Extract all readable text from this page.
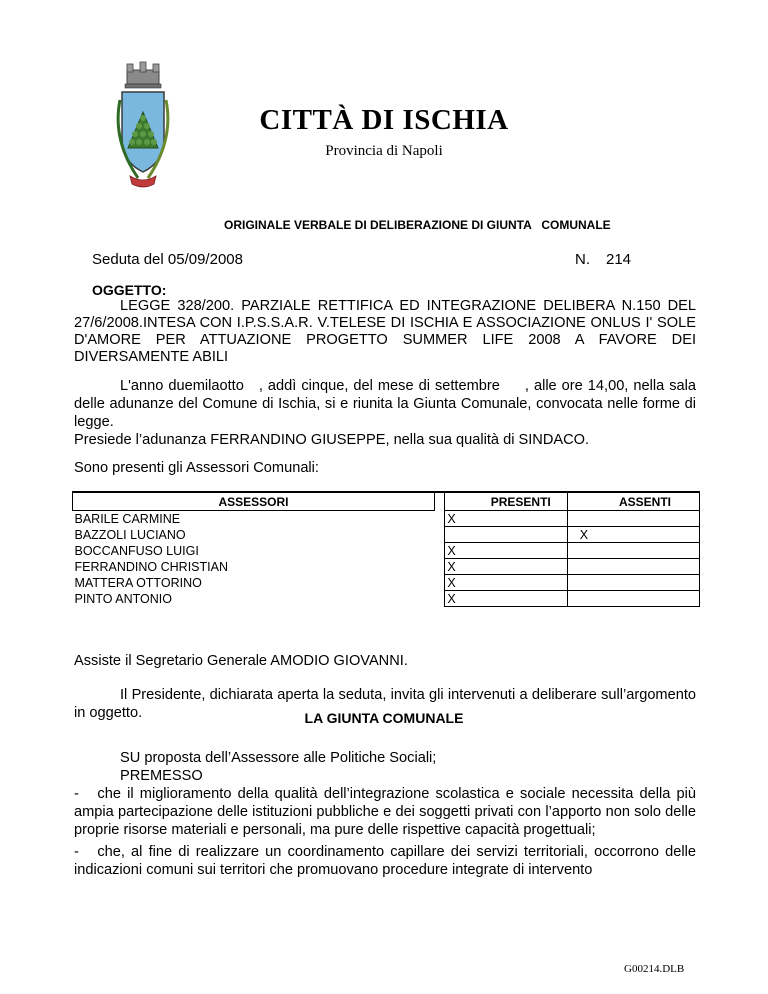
CITTÀ DI ISCHIA
Provincia di Napoli
ORIGINALE VERBALE DI DELIBERAZIONE DI GIUNTA   COMUNALE
Seduta del 05/09/2008	N. 214
OGGETTO:
LEGGE 328/200. PARZIALE RETTIFICA ED INTEGRAZIONE DELIBERA N.150 DEL 27/6/2008.INTESA CON I.P.S.S.A.R. V.TELESE DI ISCHIA E ASSOCIAZIONE ONLUS I' SOLE D'AMORE PER ATTUAZIONE PROGETTO SUMMER LIFE 2008 A FAVORE DEI DIVERSAMENTE ABILI
L'anno duemilaotto   , addì cinque, del mese di settembre     , alle ore 14,00, nella sala delle adunanze del Comune di Ischia, si e riunita la Giunta Comunale, convocata nelle forme di legge.
Presiede l’adunanza FERRANDINO GIUSEPPE, nella sua qualità di SINDACO.
Sono presenti gli Assessori Comunali:
ASSESSORI		PRESENTI	ASSENTI
BARILE CARMINE		X	
BAZZOLI LUCIANO			X
BOCCANFUSO LUIGI		X	
FERRANDINO CHRISTIAN		X	
MATTERA OTTORINO		X	
PINTO ANTONIO		X	
Assiste il Segretario Generale AMODIO GIOVANNI.
Il Presidente, dichiarata aperta la seduta, invita gli intervenuti a deliberare sull’argomento in oggetto.	LA GIUNTA COMUNALE
SU proposta dell’Assessore alle Politiche Sociali;
PREMESSO
-   che il miglioramento della qualità dell’integrazione scolastica e sociale necessita della più ampia partecipazione delle istituzioni pubbliche e dei soggetti privati con l’apporto non solo delle proprie risorse materiali e personali, ma pure delle rispettive capacità progettuali;
-   che, al fine di realizzare un coordinamento capillare dei servizi territoriali, occorrono delle indicazioni comuni sui territori che promuovano procedure integrate di intervento
G00214.DLB
